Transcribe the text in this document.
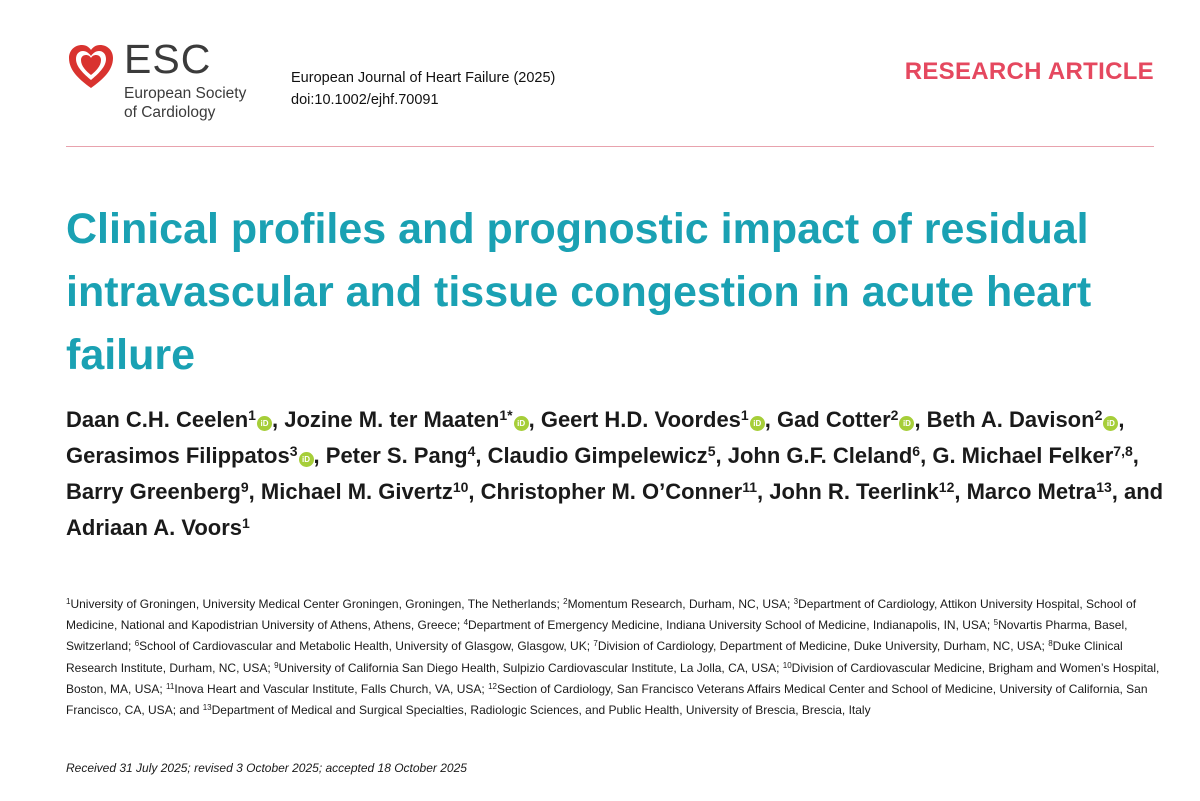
ESC
European Society
of Cardiology
European Journal of Heart Failure (2025)
doi:10.1002/ejhf.70091
RESEARCH ARTICLE
Clinical profiles and prognostic impact of residual intravascular and tissue congestion in acute heart failure
Daan C.H. Ceelen$^1$iD , Jozine M. ter Maaten$^{1*}$iD , Geert H.D. Voordes$^1$iD , Gad Cotter$^2$iD , Beth A. Davison$^2$iD , Gerasimos Filippatos$^3$iD , Peter S. Pang$^4$, Claudio Gimpelewicz$^5$, John G.F. Cleland$^6$, G. Michael Felker$^{7,8}$, Barry Greenberg$^9$, Michael M. Givertz$^{10}$, Christopher M. O’Conner$^{11}$, John R. Teerlink$^{12}$, Marco Metra$^{13}$, and Adriaan A. Voors$^1$
$^1$University of Groningen, University Medical Center Groningen, Groningen, The Netherlands; $^2$Momentum Research, Durham, NC, USA; $^3$Department of Cardiology, Attikon University Hospital, School of Medicine, National and Kapodistrian University of Athens, Athens, Greece; $^4$Department of Emergency Medicine, Indiana University School of Medicine, Indianapolis, IN, USA; $^5$Novartis Pharma, Basel, Switzerland; $^6$School of Cardiovascular and Metabolic Health, University of Glasgow, Glasgow, UK; $^7$Division of Cardiology, Department of Medicine, Duke University, Durham, NC, USA; $^8$Duke Clinical Research Institute, Durham, NC, USA; $^9$University of California San Diego Health, Sulpizio Cardiovascular Institute, La Jolla, CA, USA; $^{10}$Division of Cardiovascular Medicine, Brigham and Women’s Hospital, Boston, MA, USA; $^{11}$Inova Heart and Vascular Institute, Falls Church, VA, USA; $^{12}$Section of Cardiology, San Francisco Veterans Affairs Medical Center and School of Medicine, University of California, San Francisco, CA, USA; and $^{13}$Department of Medical and Surgical Specialties, Radiologic Sciences, and Public Health, University of Brescia, Brescia, Italy
Received 31 July 2025; revised 3 October 2025; accepted 18 October 2025
